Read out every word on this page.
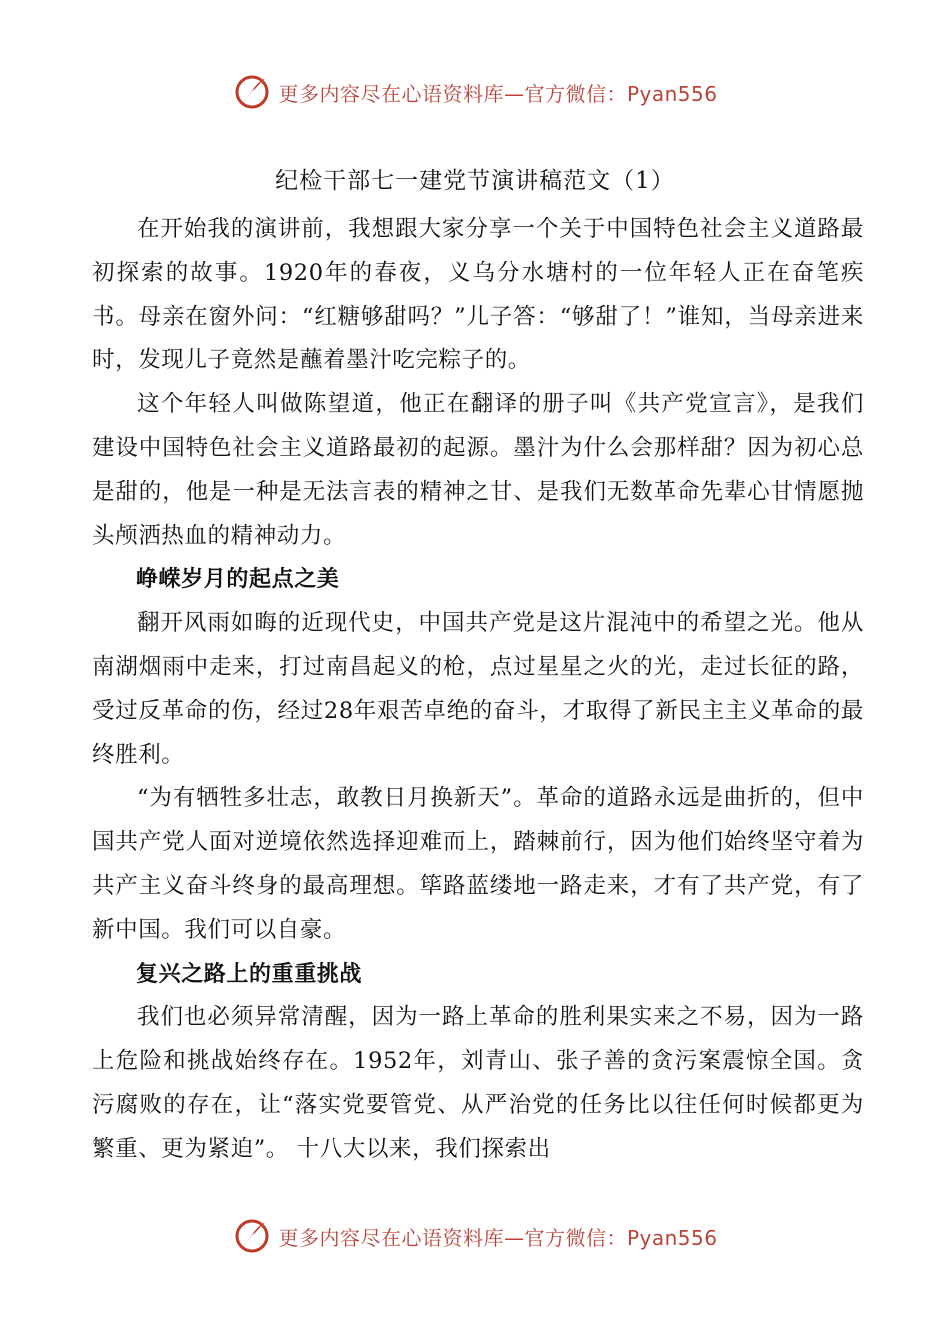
更多内容尽在心语资料库—官方微信：Pyan556
纪检干部七一建党节演讲稿范文（1）

在开始我的演讲前，我想跟大家分享一个关于中国特色社会主义道路最初探索的故事。1920年的春夜，义乌分水塘村的一位年轻人正在奋笔疾书。母亲在窗外问：“红糖够甜吗？”儿子答：“够甜了！”谁知，当母亲进来时，发现儿子竟然是蘸着墨汁吃完粽子的。

这个年轻人叫做陈望道，他正在翻译的册子叫《共产党宣言》，是我们建设中国特色社会主义道路最初的起源。墨汁为什么会那样甜？因为初心总是甜的，他是一种是无法言表的精神之甘、是我们无数革命先辈心甘情愿抛头颅洒热血的精神动力。

峥嵘岁月的起点之美

翻开风雨如晦的近现代史，中国共产党是这片混沌中的希望之光。他从南湖烟雨中走来，打过南昌起义的枪，点过星星之火的光，走过长征的路，受过反革命的伤，经过28年艰苦卓绝的奋斗，才取得了新民主主义革命的最终胜利。

“为有牺牲多壮志，敢教日月换新天”。革命的道路永远是曲折的，但中国共产党人面对逆境依然选择迎难而上，踏棘前行，因为他们始终坚守着为共产主义奋斗终身的最高理想。筚路蓝缕地一路走来，才有了共产党，有了新中国。我们可以自豪。

复兴之路上的重重挑战

我们也必须异常清醒，因为一路上革命的胜利果实来之不易，因为一路上危险和挑战始终存在。1952年，刘青山、张子善的贪污案震惊全国。贪污腐败的存在，让“落实党要管党、从严治党的任务比以往任何时候都更为繁重、更为紧迫”。 十八大以来，我们探索出

更多内容尽在心语资料库—官方微信：Pyan556
